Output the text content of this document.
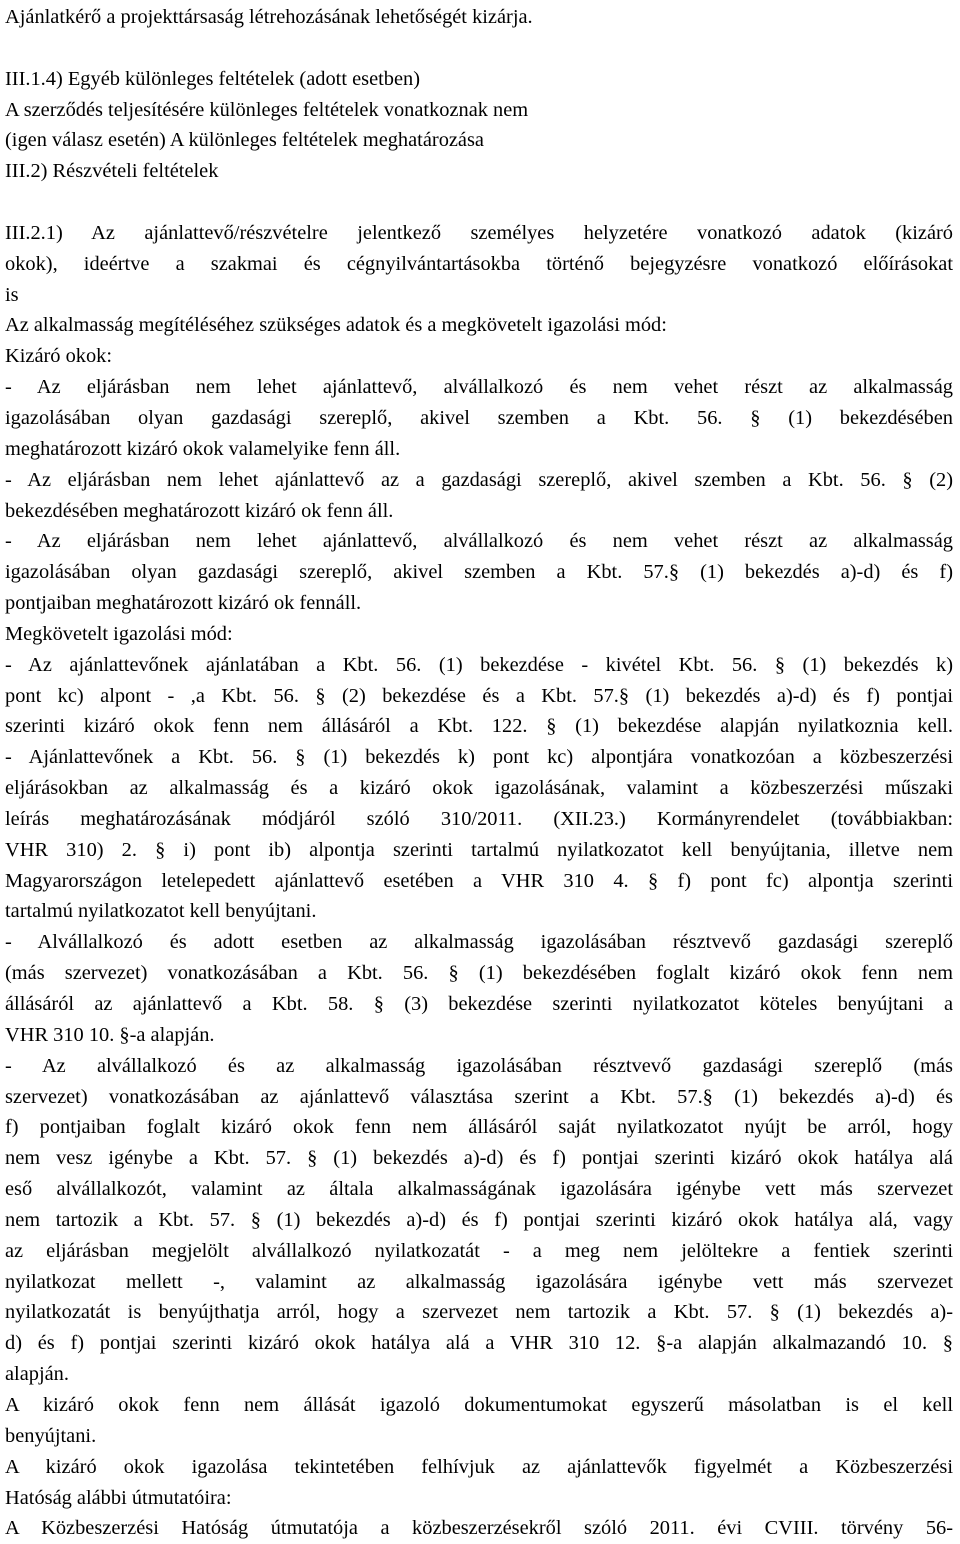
Ajánlatkérő a projekttársaság létrehozásának lehetőségét kizárja.
III.1.4) Egyéb különleges feltételek (adott esetben)
A szerződés teljesítésére különleges feltételek vonatkoznak nem
(igen válasz esetén) A különleges feltételek meghatározása
III.2) Részvételi feltételek
III.2.1) Az ajánlattevő/részvételre jelentkező személyes helyzetére vonatkozó adatok (kizáró
okok), ideértve a szakmai és cégnyilvántartásokba történő bejegyzésre vonatkozó előírásokat
is
Az alkalmasság megítéléséhez szükséges adatok és a megkövetelt igazolási mód:
Kizáró okok:
- Az eljárásban nem lehet ajánlattevő, alvállalkozó és nem vehet részt az alkalmasság
igazolásában olyan gazdasági szereplő, akivel szemben a Kbt. 56. § (1) bekezdésében
meghatározott kizáró okok valamelyike fenn áll.
- Az eljárásban nem lehet ajánlattevő az a gazdasági szereplő, akivel szemben a Kbt. 56. § (2)
bekezdésében meghatározott kizáró ok fenn áll.
- Az eljárásban nem lehet ajánlattevő, alvállalkozó és nem vehet részt az alkalmasság
igazolásában olyan gazdasági szereplő, akivel szemben a Kbt. 57.§ (1) bekezdés a)-d) és f)
pontjaiban meghatározott kizáró ok fennáll.
Megkövetelt igazolási mód:
- Az ajánlattevőnek ajánlatában a Kbt. 56. (1) bekezdése - kivétel Kbt. 56. § (1) bekezdés k)
pont kc) alpont - ,a Kbt. 56. § (2) bekezdése és a Kbt. 57.§ (1) bekezdés a)-d) és f) pontjai
szerinti kizáró okok fenn nem állásáról a Kbt. 122. § (1) bekezdése alapján nyilatkoznia kell.
- Ajánlattevőnek a Kbt. 56. § (1) bekezdés k) pont kc) alpontjára vonatkozóan a közbeszerzési
eljárásokban az alkalmasság és a kizáró okok igazolásának, valamint a közbeszerzési műszaki
leírás meghatározásának módjáról szóló 310/2011. (XII.23.) Kormányrendelet (továbbiakban:
VHR 310) 2. § i) pont ib) alpontja szerinti tartalmú nyilatkozatot kell benyújtania, illetve nem
Magyarországon letelepedett ajánlattevő esetében a VHR 310 4. § f) pont fc) alpontja szerinti
tartalmú nyilatkozatot kell benyújtani.
- Alvállalkozó és adott esetben az alkalmasság igazolásában résztvevő gazdasági szereplő
(más szervezet) vonatkozásában a Kbt. 56. § (1) bekezdésében foglalt kizáró okok fenn nem
állásáról az ajánlattevő a Kbt. 58. § (3) bekezdése szerinti nyilatkozatot köteles benyújtani a
VHR 310 10. §-a alapján.
- Az alvállalkozó és az alkalmasság igazolásában résztvevő gazdasági szereplő (más
szervezet) vonatkozásában az ajánlattevő választása szerint a Kbt. 57.§ (1) bekezdés a)-d) és
f) pontjaiban foglalt kizáró okok fenn nem állásáról saját nyilatkozatot nyújt be arról, hogy
nem vesz igénybe a Kbt. 57. § (1) bekezdés a)-d) és f) pontjai szerinti kizáró okok hatálya alá
eső alvállalkozót, valamint az általa alkalmasságának igazolására igénybe vett más szervezet
nem tartozik a Kbt. 57. § (1) bekezdés a)-d) és f) pontjai szerinti kizáró okok hatálya alá, vagy
az eljárásban megjelölt alvállalkozó nyilatkozatát - a meg nem jelöltekre a fentiek szerinti
nyilatkozat mellett -, valamint az alkalmasság igazolására igénybe vett más szervezet
nyilatkozatát is benyújthatja arról, hogy a szervezet nem tartozik a Kbt. 57. § (1) bekezdés a)-
d) és f) pontjai szerinti kizáró okok hatálya alá a VHR 310 12. §-a alapján alkalmazandó 10. §
alapján.
A kizáró okok fenn nem állását igazoló dokumentumokat egyszerű másolatban is el kell
benyújtani.
A kizáró okok igazolása tekintetében felhívjuk az ajánlattevők figyelmét a Közbeszerzési
Hatóság alábbi útmutatóira:
A Közbeszerzési Hatóság útmutatója a közbeszerzésekről szóló 2011. évi CVIII. törvény 56-
